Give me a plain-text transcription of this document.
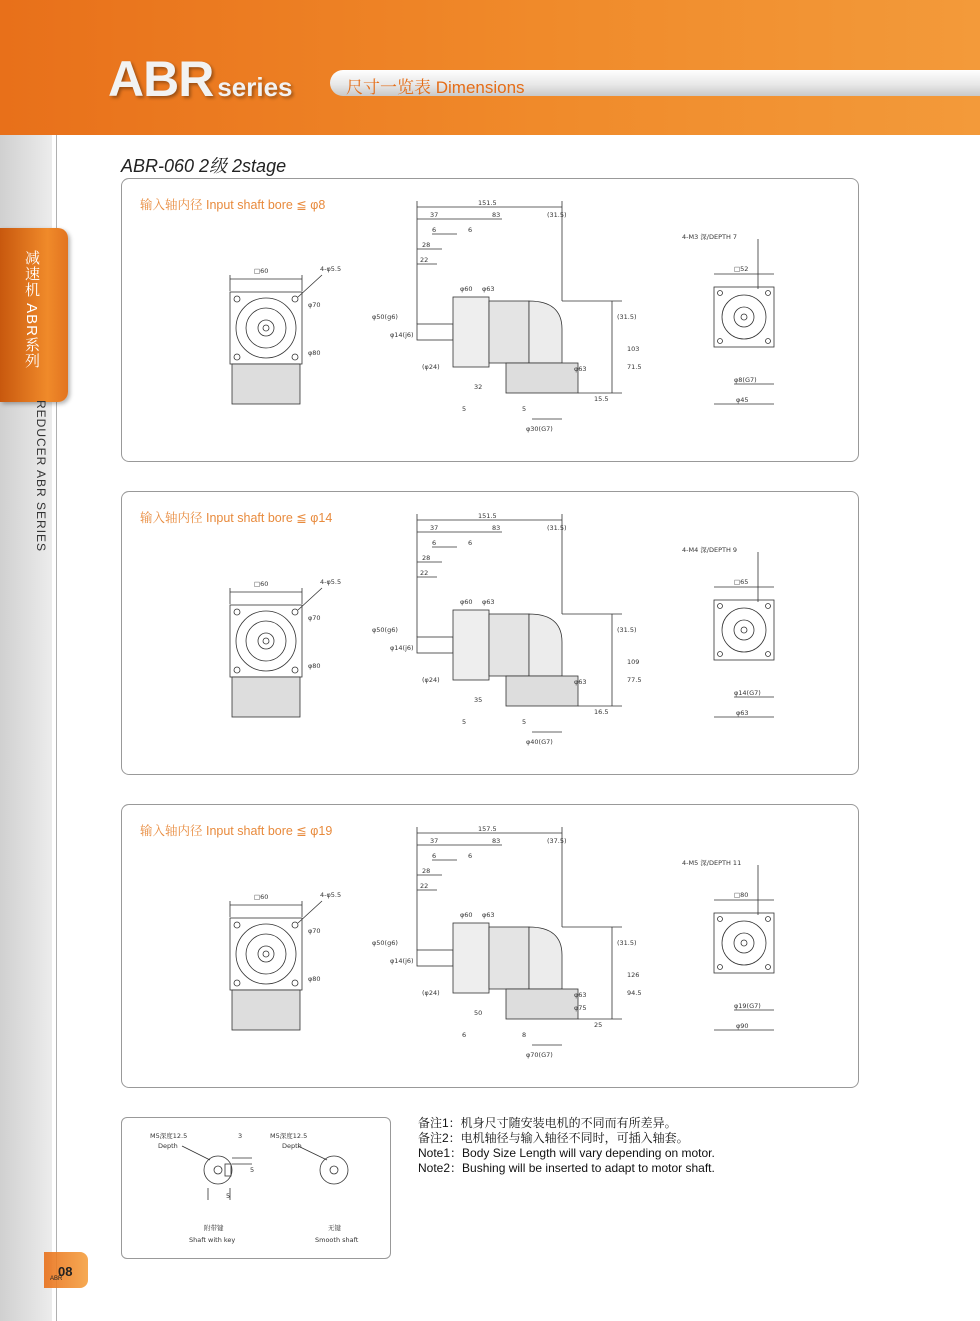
ABR series	尺寸一览表 Dimensions
减速机 ABR系列
REDUCER ABR SERIES
ABR-060 2级 2stage
输入轴内径 Input shaft bore ≦ φ8
□60	4-φ5.5
φ70
φ80
151.5
37	83	(31.5)
6	6
28
22
φ14(j6)
φ50(g6)
φ60 φ63
(φ24)	φ63
32
5	5
(31.5)
71.5
103
15.5
φ30(G7)
4-M3 深/DEPTH 7
□52
φ8(G7)
φ45
输入轴内径 Input shaft bore ≦ φ14
□60	4-φ5.5
φ70
φ80
151.5
37	83	(31.5)
6	6
28
22
φ14(j6)
φ50(g6)
φ60 φ63
(φ24)	φ63
35
5	5
(31.5)
77.5
109
16.5
φ40(G7)
4-M4 深/DEPTH 9
□65
φ14(G7)
φ63
输入轴内径 Input shaft bore ≦ φ19
□60	4-φ5.5
φ70
φ80
157.5
37	83	(37.5)
6	6
28
22
φ14(j6)
φ50(g6)
φ60 φ63
(φ24)	φ63
φ75
50
6	8
(31.5)
94.5
126
25
φ70(G7)
4-M5 深/DEPTH 11
□80
φ19(G7)
φ90
M5深度12.5
Depth
3
5
5
附带键
Shaft with key
M5深度12.5
Depth
无键
Smooth shaft
备注1：机身尺寸随安装电机的不同而有所差异。
备注2：电机轴径与输入轴径不同时，可插入轴套。
Note1：Body Size Length will vary depending on motor.
Note2：Bushing will be inserted to adapt to motor shaft.
08
ABR
